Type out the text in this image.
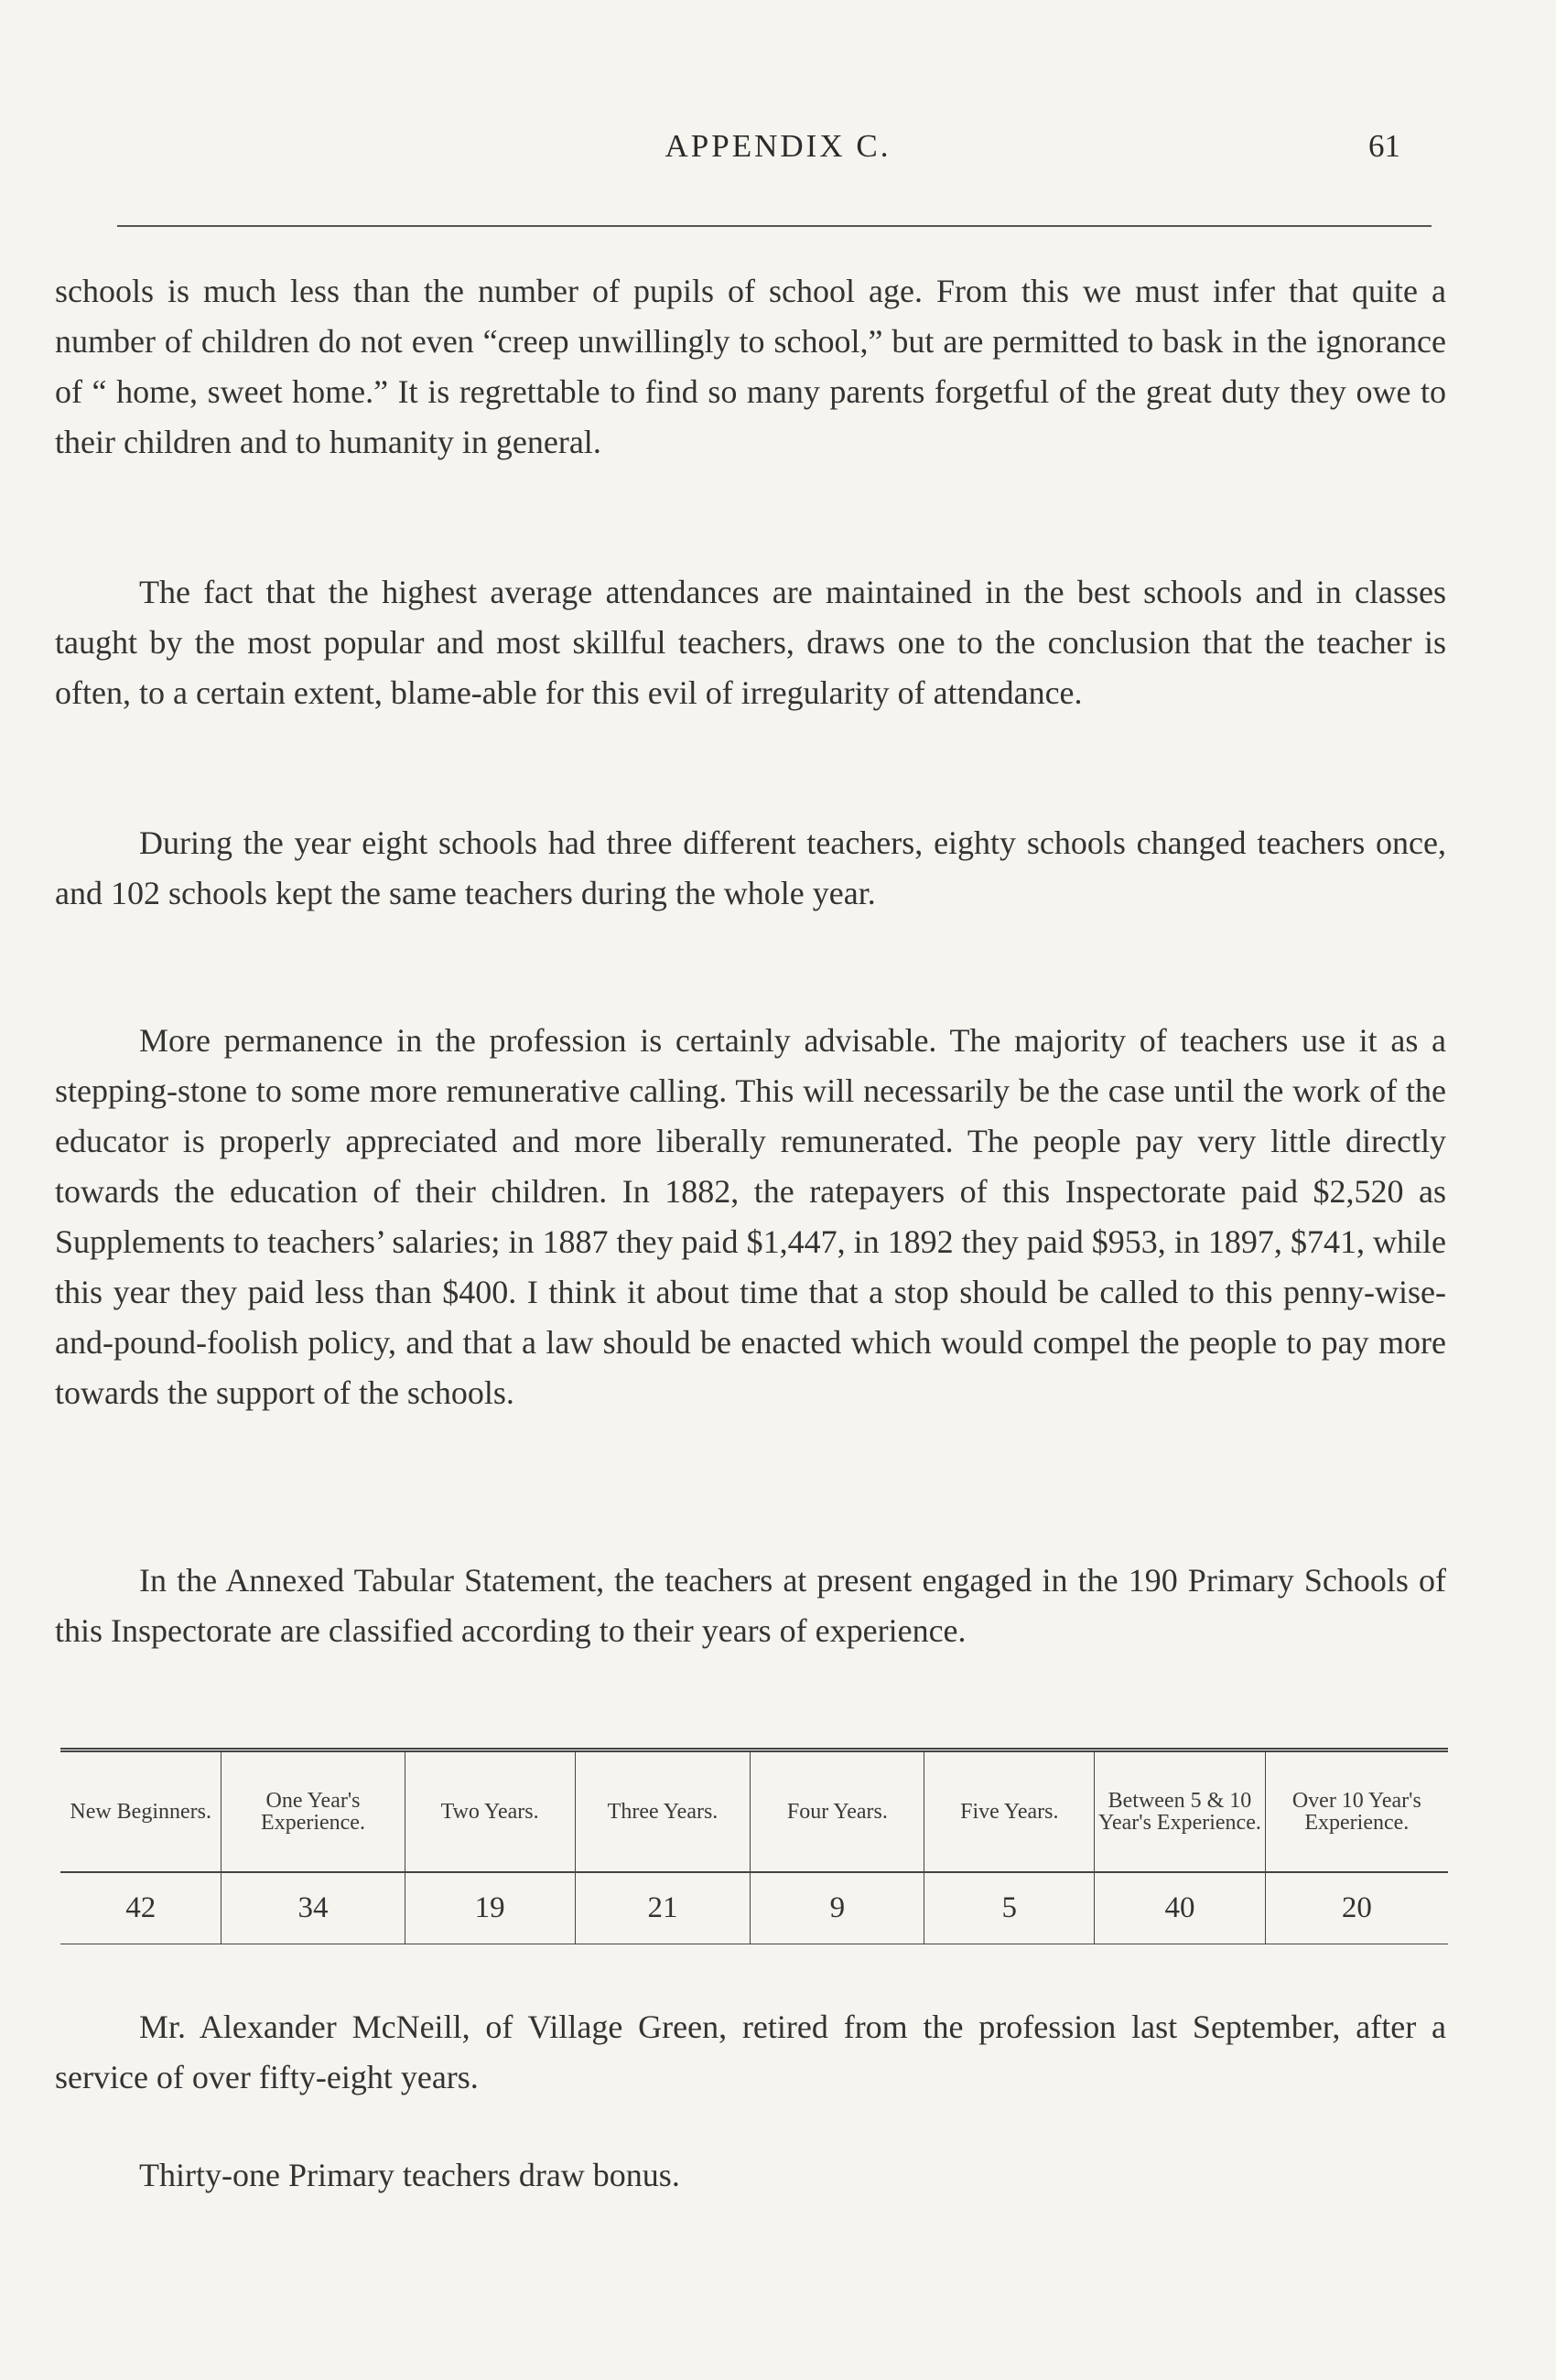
APPENDIX C.	61

schools is much less than the number of pupils of school age. From this we must infer that quite a number of children do not even “creep unwillingly to school,” but are permitted to bask in the ignorance of “ home, sweet home.” It is regrettable to find so many parents forgetful of the great duty they owe to their children and to humanity in general.

The fact that the highest average attendances are maintained in the best schools and in classes taught by the most popular and most skillful teachers, draws one to the conclusion that the teacher is often, to a certain extent, blame-able for this evil of irregularity of attendance.

During the year eight schools had three different teachers, eighty schools changed teachers once, and 102 schools kept the same teachers during the whole year.

More permanence in the profession is certainly advisable. The majority of teachers use it as a stepping-stone to some more remunerative calling. This will necessarily be the case until the work of the educator is properly appreciated and more liberally remunerated. The people pay very little directly towards the education of their children. In 1882, the ratepayers of this Inspectorate paid $2,520 as Supplements to teachers’ salaries; in 1887 they paid $1,447, in 1892 they paid $953, in 1897, $741, while this year they paid less than $400. I think it about time that a stop should be called to this penny-wise-and-pound-foolish policy, and that a law should be enacted which would compel the people to pay more towards the support of the schools.

In the Annexed Tabular Statement, the teachers at present engaged in the 190 Primary Schools of this Inspectorate are classified according to their years of experience.

New Beginners.	One Year's Experience.	Two Years.	Three Years.	Four Years.	Five Years.	Between 5 & 10 Year's Experience.	Over 10 Year's Experience.
42	34	19	21	9	5	40	20

Mr. Alexander McNeill, of Village Green, retired from the profession last September, after a service of over fifty-eight years.

Thirty-one Primary teachers draw bonus.
